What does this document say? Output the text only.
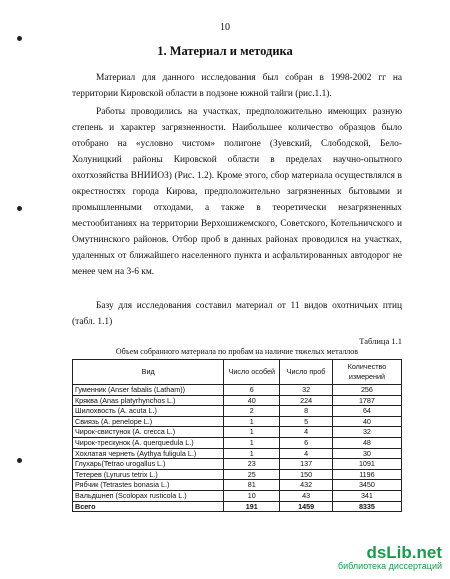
10
1. Материал и методика
Материал для данного исследования был собран в 1998-2002 гг на территории Кировской области в подзоне южной тайги (рис.1.1).
Работы проводились на участках, предположительно имеющих разную степень и характер загрязненности. Наибольшее количество образцов было отобрано на «условно чистом» полигоне (Зуевский, Слободской, Бело-Холуницкий районы Кировской области в пределах научно-опытного охотхозяйства ВНИИОЗ) (Рис. 1.2). Кроме этого, сбор материала осуществлялся в окрестностях города Кирова, предположительно загрязненных бытовыми и промышленными отходами, а также в теоретически незагрязненных местообитаниях на территории Верхошижемского, Советского, Котельничского и Омутнинского районов. Отбор проб в данных районах проводился на участках, удаленных от ближайшего населенного пункта и асфальтированных автодорог не менее чем на 3-6 км.
Базу для исследования составил материал от 11 видов охотничьих птиц (табл. 1.1)
Таблица 1.1
Объем собранного материала по пробам на наличие тяжелых металлов
Вид	Число особей	Число проб	Количество измерений
Гуменник (Anser fabalis (Latham))	6	32	256
Кряква (Anas platyrhynchos L.)	40	224	1787
Шилохвость (A. acuta L.)	2	8	64
Свиязь (A. penelope L.)	1	5	40
Чирок-свистунок (A. crecca L.)	1	4	32
Чирок-трескунок (A. querquedula L.)	1	6	48
Хохлатая чернеть (Aythya fuligula L.)	1	4	30
Глухарь(Tetrao urogallus L.)	23	137	1091
Тетерев (Lyrurus tetrix L.)	25	150	1196
Рябчик (Tetrastes bonasia L.)	81	432	3450
Вальдшнеп (Scolopax rusticola L.)	10	43	341
Всего	191	1459	8335
dsLib.net
библиотека диссертаций
